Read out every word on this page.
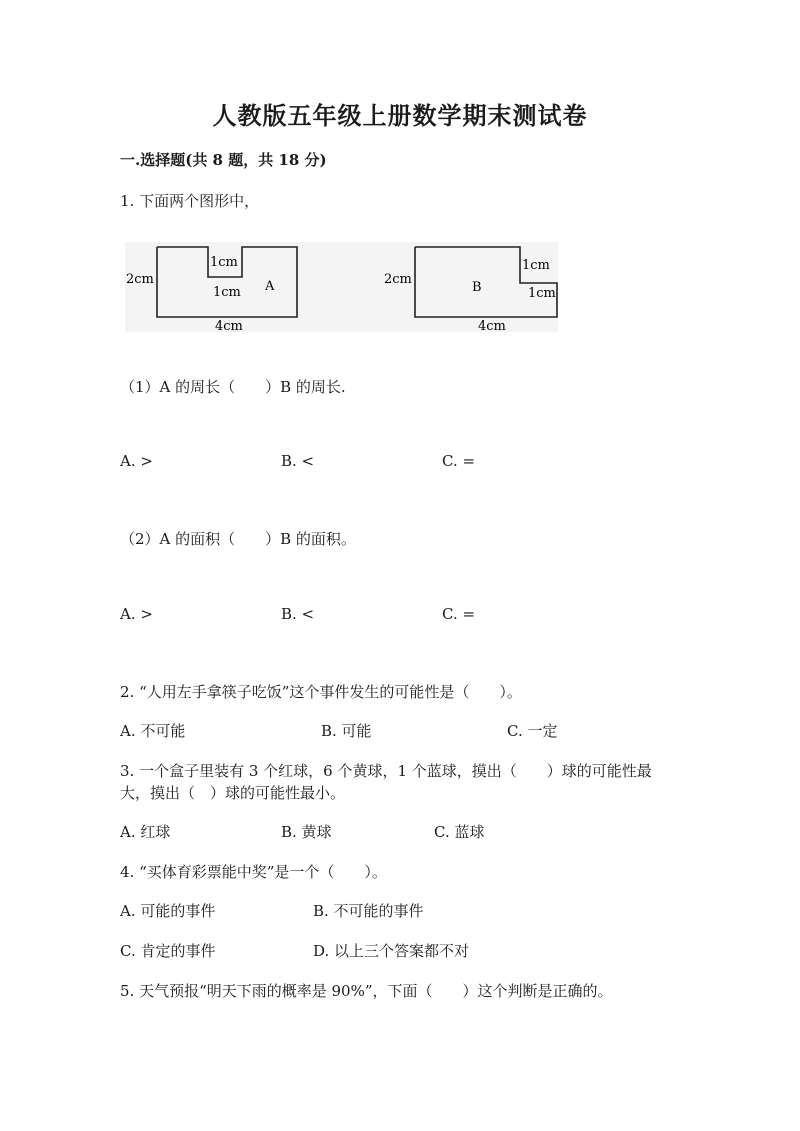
人教版五年级上册数学期末测试卷
一.选择题(共 8 题，共 18 分)
1. 下面两个图形中，
2cm
1cm
1cm A
4cm
2cm
1cm
1cm
B
4cm
（1）A 的周长（　　）B 的周长.
A. >	B. <	C. =
（2）A 的面积（　　）B 的面积。
A. >	B. <	C. =
2. “人用左手拿筷子吃饭”这个事件发生的可能性是（　　）。
A. 不可能	B. 可能	C. 一定
3. 一个盒子里装有 3 个红球，6 个黄球，1 个蓝球，摸出（　　）球的可能性最
大，摸出（　）球的可能性最小。
A. 红球	B. 黄球	C. 蓝球
4. “买体育彩票能中奖”是一个（　　）。
A. 可能的事件	B. 不可能的事件
C. 肯定的事件	D. 以上三个答案都不对
5. 天气预报“明天下雨的概率是 90%”，下面（　　）这个判断是正确的。
